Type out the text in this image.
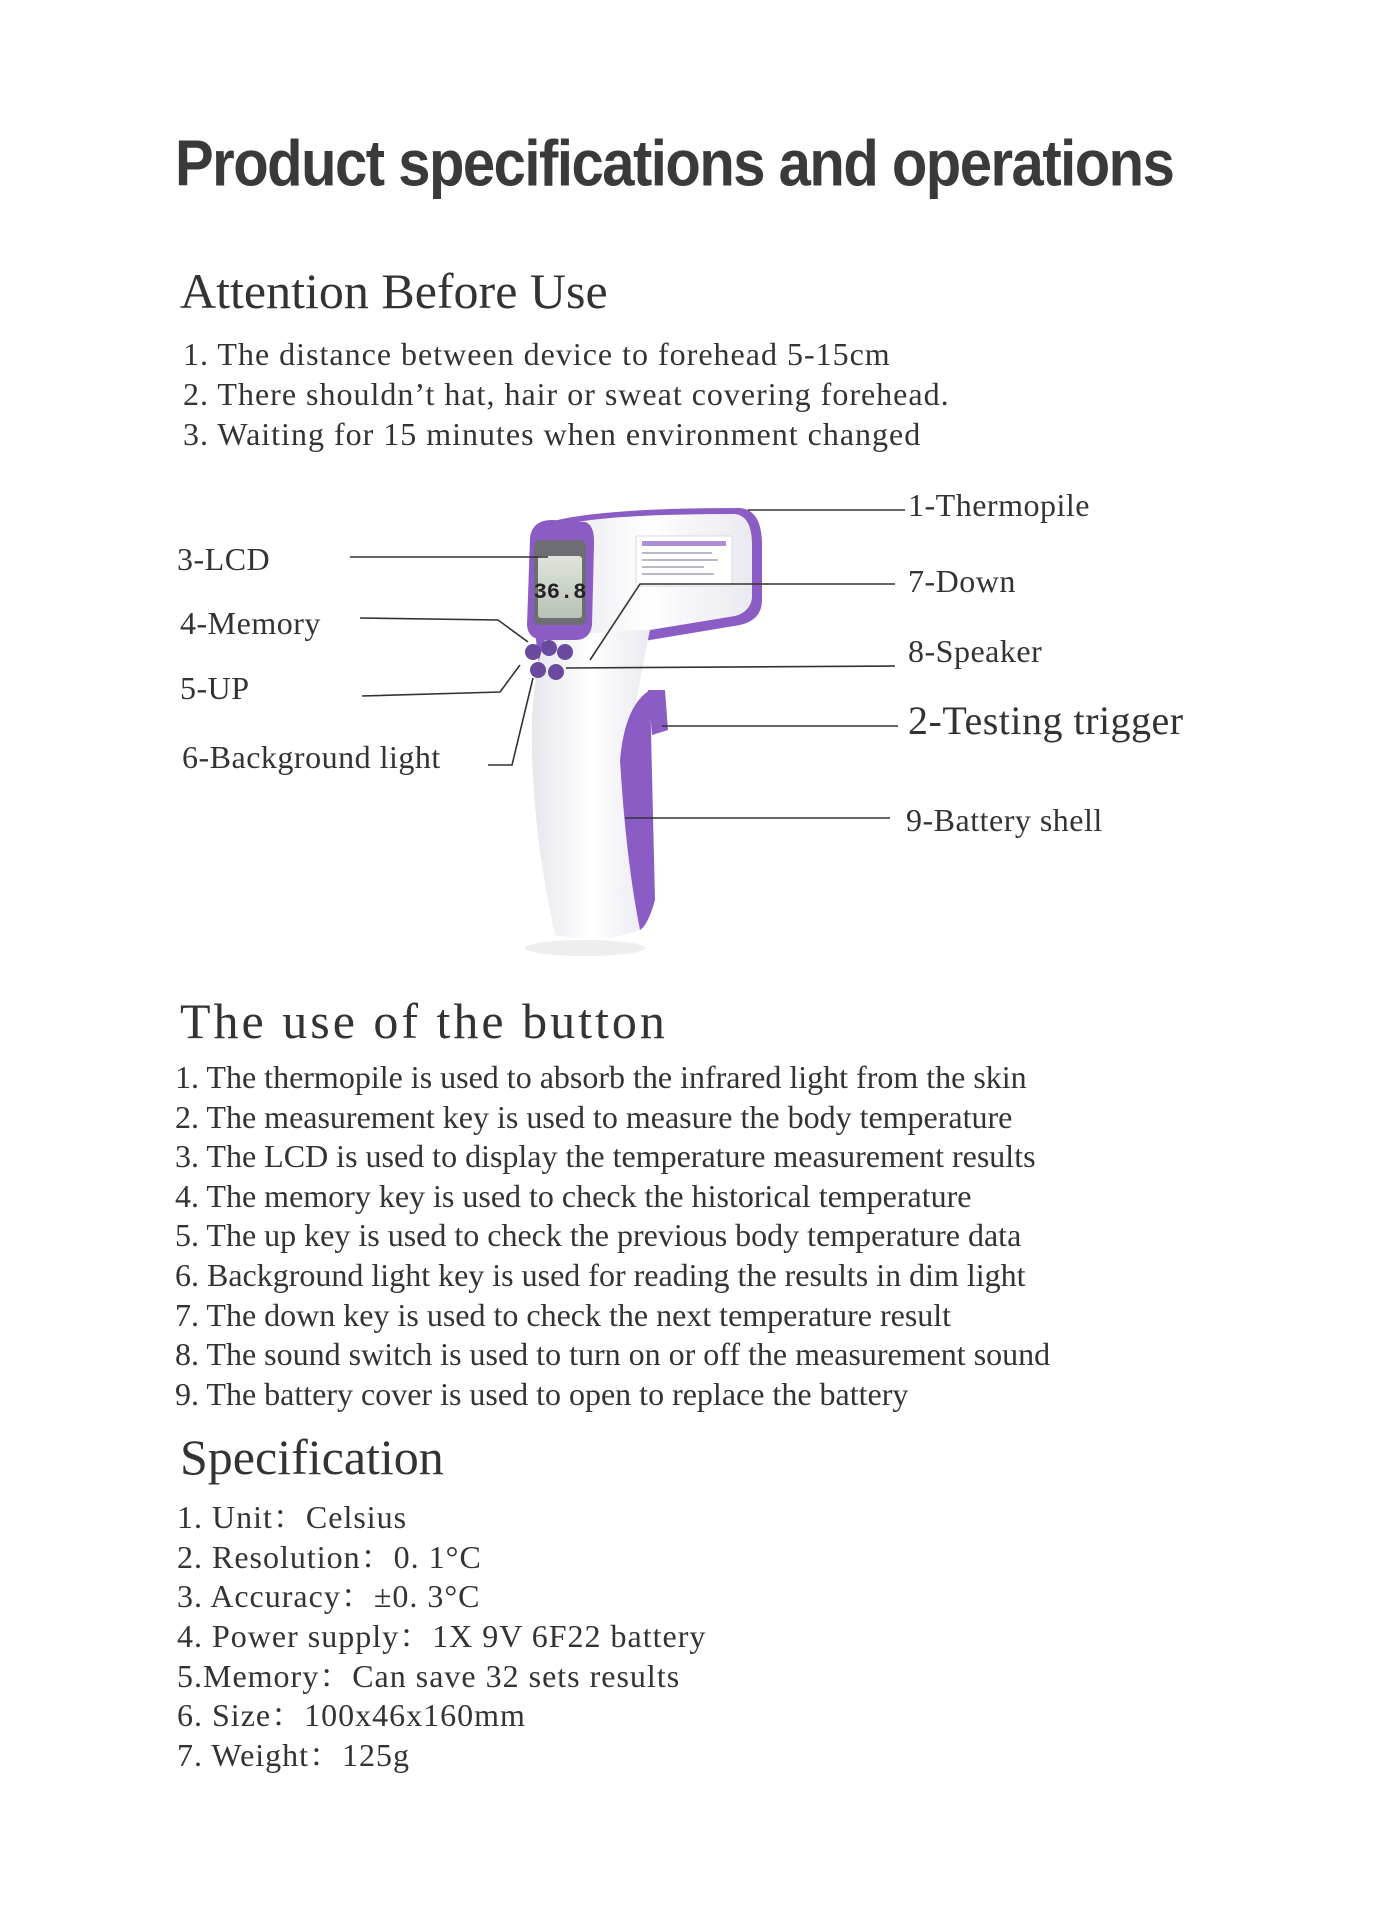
Product specifications and operations
Attention Before Use
1. The distance between device to forehead 5-15cm
2. There shouldn’t hat, hair or sweat covering forehead.
3. Waiting for 15 minutes when environment changed
36.8
1-Thermopile
3-LCD
7-Down
4-Memory
8-Speaker
5-UP
2-Testing trigger
6-Background light
9-Battery shell
The use of the button
1. The thermopile is used to absorb the infrared light from the skin
2. The measurement key is used to measure the body temperature
3. The LCD is used to display the temperature measurement results
4. The memory key is used to check the historical temperature
5. The up key is used to check the previous body temperature data
6. Background light key is used for reading the results in dim light
7. The down key is used to check the next temperature result
8. The sound switch is used to turn on or off the measurement sound
9. The battery cover is used to open to replace the battery
Specification
1. Unit：Celsius
2. Resolution：0. 1°C
3. Accuracy：±0. 3°C
4. Power supply：1X 9V 6F22 battery
5.Memory：Can save 32 sets results
6. Size：100x46x160mm
7. Weight：125g
